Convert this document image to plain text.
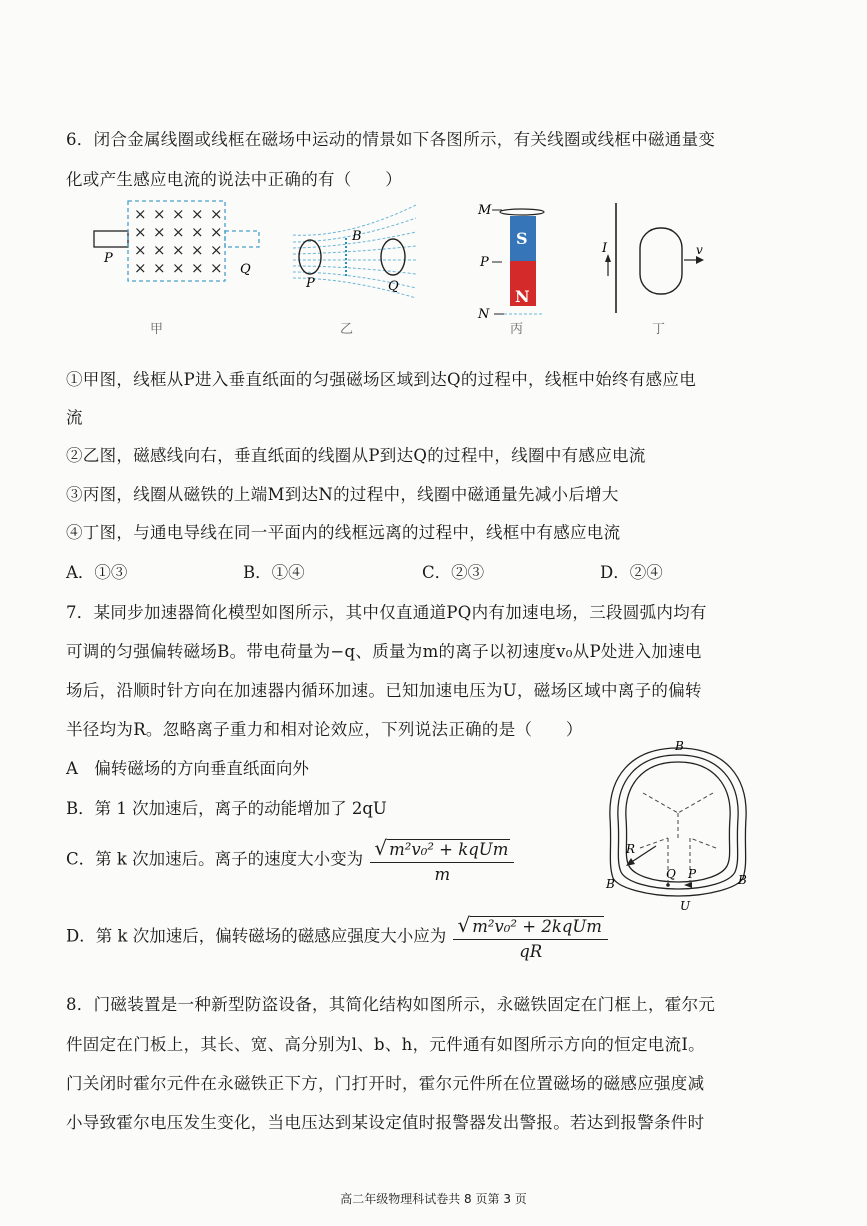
6．闭合金属线圈或线框在磁场中运动的情景如下各图所示，有关线圈或线框中磁通量变
化或产生感应电流的说法中正确的有（　　）
× × × × ×
× × × × ×
× × × × ×
× × × × ×
P
Q
甲
B
P	Q
乙
S
N
M
P
N
丙
I	v
丁
①甲图，线框从P进入垂直纸面的匀强磁场区域到达Q的过程中，线框中始终有感应电
流
②乙图，磁感线向右，垂直纸面的线圈从P到达Q的过程中，线圈中有感应电流
③丙图，线圈从磁铁的上端M到达N的过程中，线圈中磁通量先减小后增大
④丁图，与通电导线在同一平面内的线框远离的过程中，线框中有感应电流
A．①③	B．①④	C．②③	D．②④
7．某同步加速器简化模型如图所示，其中仅直通道PQ内有加速电场，三段圆弧内均有
可调的匀强偏转磁场B。带电荷量为−q、质量为m的离子以初速度v₀从P处进入加速电
场后，沿顺时针方向在加速器内循环加速。已知加速电压为U，磁场区域中离子的偏转
半径均为R。忽略离子重力和相对论效应，下列说法正确的是（　　）
A　偏转磁场的方向垂直纸面向外
B．第 1 次加速后，离子的动能增加了 2qU
C．第 k 次加速后。离子的速度大小变为 $\frac{\text{√ m²v₀² + kqUm}}{m}$
D．第 k 次加速后，偏转磁场的磁感应强度大小应为 $\frac{\text{√ m²v₀² + 2kqUm}}{qR}$
B
B	B
R
Q P
U
8．门磁装置是一种新型防盗设备，其简化结构如图所示，永磁铁固定在门框上，霍尔元
件固定在门板上，其长、宽、高分别为l、b、h，元件通有如图所示方向的恒定电流I。
门关闭时霍尔元件在永磁铁正下方，门打开时，霍尔元件所在位置磁场的磁感应强度减
小导致霍尔电压发生变化，当电压达到某设定值时报警器发出警报。若达到报警条件时
高二年级物理科试卷共 8 页第 3 页
